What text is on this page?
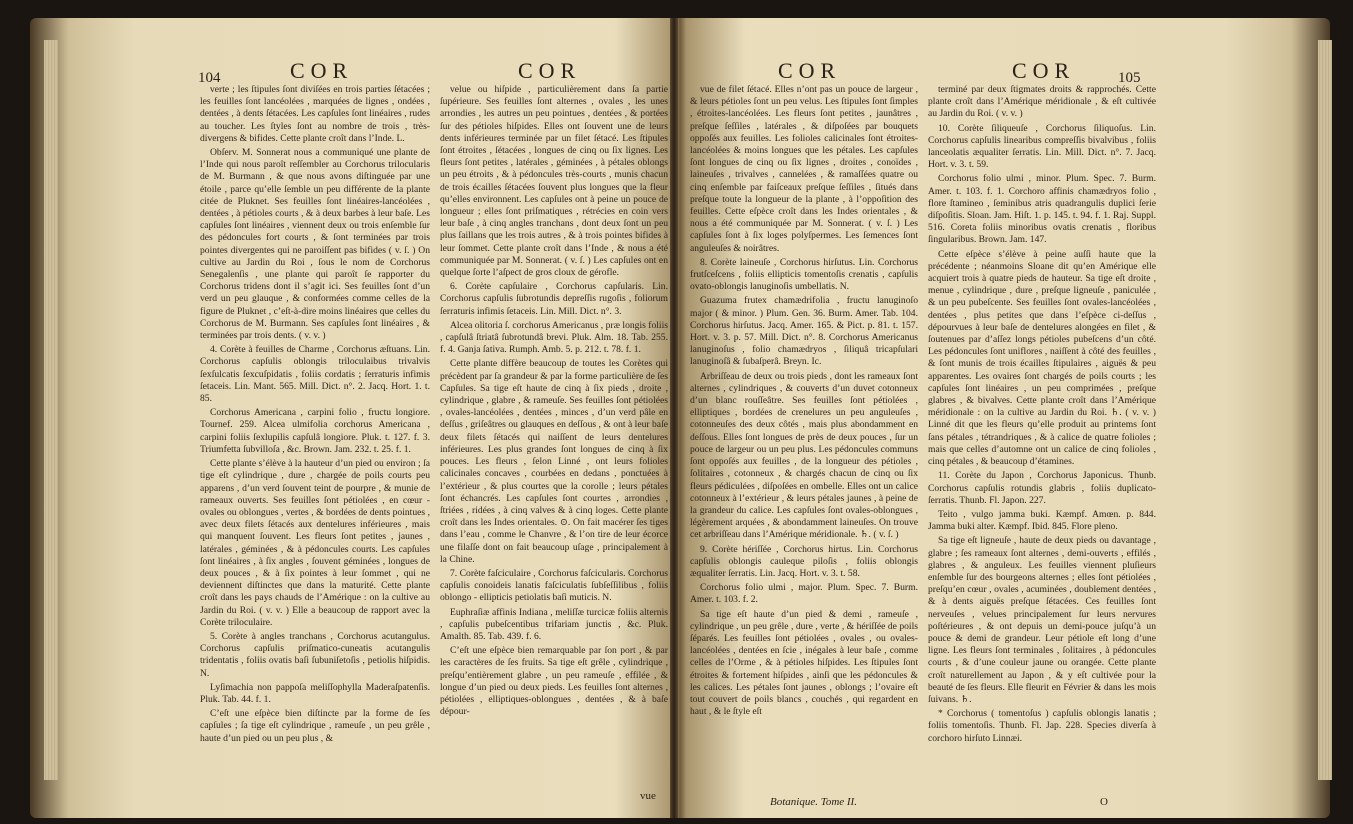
104	COR	COR

verte ; les ſtipules ſont diviſées en trois parties ſétacées ; les feuilles ſont lancéolées , marquées de lignes , ondées , dentées , à dents ſétacées. Les capſules ſont linéaires , rudes au toucher. Les ſtyles ſont au nombre de trois , très-divergens & bifides. Cette plante croît dans l’Inde. L.

Obſerv. M. Sonnerat nous a communiqué une plante de l’Inde qui nous paroît reſſembler au Corchorus trilocularis de M. Burmann , & que nous avons diſtinguée par une étoile , parce qu’elle ſemble un peu différente de la plante citée de Pluknet. Ses feuilles ſont linéaires-lancéolées , dentées , à pétioles courts , & à deux barbes à leur baſe. Les capſules ſont linéaires , viennent deux ou trois enſemble ſur des pédoncules fort courts , & ſont terminées par trois pointes divergentes qui ne paroiſſent pas bifides ( v. ſ. ) On cultive au Jardin du Roi , ſous le nom de Corchorus Senegalenſis , une plante qui paroît ſe rapporter du Corchorus tridens dont il s’agit ici. Ses feuilles ſont d’un verd un peu glauque , & conformées comme celles de la figure de Pluknet , c’eſt-à-dire moins linéaires que celles du Corchorus de M. Burmann. Ses capſules ſont linéaires , & terminées par trois dents. ( v. v. )

4. Corète à feuilles de Charme , Corchorus æſtuans. Lin. Corchorus capſulis oblongis triloculaibus trivalvis ſexſulcatis ſexcuſpidatis , foliis cordatis ; ſerraturis infimis ſetaceis. Lin. Mant. 565. Mill. Dict. n°. 2. Jacq. Hort. 1. t. 85.

Corchorus Americana , carpini folio , fructu longiore. Tournef. 259. Alcea ulmifolia corchorus Americana , carpini foliis ſexlupilis capſulâ longiore. Pluk. t. 127. f. 3. Triumfetta ſubvilloſa , &c. Brown. Jam. 232. t. 25. f. 1.

Cette plante s’élève à la hauteur d’un pied ou environ ; ſa tige eſt cylindrique , dure , chargée de poils courts peu apparens , d’un verd ſouvent teint de pourpre , & munie de rameaux ouverts. Ses feuilles ſont pétiolées , en cœur - ovales ou oblongues , vertes , & bordées de dents pointues , avec deux filets ſétacés aux dentelures inférieures , mais qui manquent ſouvent. Les fleurs ſont petites , jaunes , latérales , géminées , & à pédoncules courts. Les capſules ſont linéaires , à ſix angles , ſouvent géminées , longues de deux pouces , & à ſix pointes à leur ſommet , qui ne deviennent diſtinctes que dans la maturité. Cette plante croît dans les pays chauds de l’Amérique : on la cultive au Jardin du Roi. ( v. v. ) Elle a beaucoup de rapport avec la Corète triloculaire.

5. Corète à angles tranchans , Corchorus acutangulus. Corchorus capſulis priſmatico-cuneatis acutangulis tridentatis , foliis ovatis baſi ſubuniſetoſis , petiolis hiſpidis. N.

Lyſimachia non pappoſa meliſſophylla Maderaſpatenſis. Pluk. Tab. 44. f. 1.

C’eſt une eſpèce bien diſtincte par la forme de ſes capſules ; ſa tige eſt cylindrique , rameuſe , un peu grêle , haute d’un pied ou un peu plus , &

velue ou hiſpide , particulièrement dans ſa partie ſupérieure. Ses feuilles ſont alternes , ovales , les unes arrondies , les autres un peu pointues , dentées , & portées ſur des pétioles hiſpides. Elles ont ſouvent une de leurs dents inférieures terminée par un filet ſétacé. Les ſtipules ſont étroites , ſétacées , longues de cinq ou ſix lignes. Les fleurs ſont petites , latérales , géminées , à pétales oblongs un peu étroits , & à pédoncules très-courts , munis chacun de trois écailles ſétacées ſouvent plus longues que la fleur qu’elles environnent. Les capſules ont à peine un pouce de longueur ; elles ſont priſmatiques , rétrécies en coin vers leur baſe , à cinq angles tranchans , dont deux ſont un peu plus ſaillans que les trois autres , & à trois pointes bifides à leur ſommet. Cette plante croît dans l’Inde , & nous a été communiquée par M. Sonnerat. ( v. ſ. ) Les capſules ont en quelque ſorte l’aſpect de gros cloux de gérofle.

6. Corète capſulaire , Corchorus capſularis. Lin. Corchorus capſulis ſubrotundis depreſſis rugoſis , foliorum ſerraturis infimis ſetaceis. Lin. Mill. Dict. n°. 3.

Alcea olitoria ſ. corchorus Americanus , præ longis foliis , capſulâ ſtriatâ ſubrotundâ brevi. Pluk. Alm. 18. Tab. 255. f. 4. Ganja ſativa. Rumph. Amb. 5. p. 212. t. 78. f. 1.

Cette plante diffère beaucoup de toutes les Corètes qui précèdent par ſa grandeur & par la forme particulière de ſes Capſules. Sa tige eſt haute de cinq à ſix pieds , droite , cylindrique , glabre , & rameuſe. Ses feuilles ſont pétiolées , ovales-lancéolées , dentées , minces , d’un verd pâle en deſſus , griſeâtres ou glauques en deſſous , & ont à leur baſe deux filets ſétacés qui naiſſent de leurs dentelures inférieures. Les plus grandes ſont longues de cinq à ſix pouces. Les fleurs , ſelon Linné , ont leurs folioles calicinales concaves , courbées en dedans , ponctuées à l’extérieur , & plus courtes que la corolle ; leurs pétales ſont échancrés. Les capſules ſont courtes , arrondies , ſtriées , ridées , à cinq valves & à cinq loges. Cette plante croît dans les Indes orientales. ⊙. On fait macérer ſes tiges dans l’eau , comme le Chanvre , & l’on tire de leur écorce une filaſſe dont on fait beaucoup uſage , principalement à la Chine.

7. Corète faſciculaire , Corchorus faſcicularis. Corchorus capſulis conoideis lanatis faſciculatis ſubſeſſilibus , foliis oblongo - ellipticis petiolatis baſi muticis. N.

Euphraſiæ affinis Indiana , meliſſæ turcicæ foliis alternis , capſulis pubeſcentibus trifariam junctis , &c. Pluk. Amalth. 85. Tab. 439. f. 6.

C’eſt une eſpèce bien remarquable par ſon port , & par les caractères de ſes fruits. Sa tige eſt grêle , cylindrique , preſqu’entièrement glabre , un peu rameuſe , effilée , & longue d’un pied ou deux pieds. Les feuilles ſont alternes , pétiolées , elliptiques-oblongues , dentées , & à baſe dépour-

vue
COR	COR	105

vue de filet ſétacé. Elles n’ont pas un pouce de largeur , & leurs pétioles ſont un peu velus. Les ſtipules ſont ſimples , étroites-lancéolées. Les fleurs ſont petites , jaunâtres , preſque ſeſſiles , latérales , & diſpoſées par bouquets oppoſés aux feuilles. Les folioles calicinales ſont étroites-lancéolées & moins longues que les pétales. Les capſules ſont longues de cinq ou ſix lignes , droites , conoïdes , laineuſes , trivalves , cannelées , & ramaſſées quatre ou cinq enſemble par faiſceaux preſque ſeſſiles , ſitués dans preſque toute la longueur de la plante , à l’oppoſition des feuilles. Cette eſpèce croît dans les Indes orientales , & nous a été communiquée par M. Sonnerat. ( v. ſ. ) Les capſules ſont à ſix loges polyſpermes. Les ſemences ſont anguleuſes & noirâtres.

8. Corète laineuſe , Corchorus hirſutus. Lin. Corchorus frutſceſcens , foliis ellipticis tomentoſis crenatis , capſulis ovato-oblongis lanuginoſis umbellatis. N.

Guazuma frutex chamædrifolia , fructu lanuginoſo major ( & minor. ) Plum. Gen. 36. Burm. Amer. Tab. 104. Corchorus hirſutus. Jacq. Amer. 165. & Pict. p. 81. t. 157. Hort. v. 3. p. 57. Mill. Dict. n°. 8. Corchorus Americanus lanuginoſus , folio chamædryos , ſiliquâ tricapſulari lanuginoſâ & ſubaſperâ. Breyn. Ic.

Arbriſſeau de deux ou trois pieds , dont les rameaux ſont alternes , cylindriques , & couverts d’un duvet cotonneux d’un blanc rouſſeâtre. Ses feuilles ſont pétiolées , elliptiques , bordées de crenelures un peu anguleuſes , cotonneuſes des deux côtés , mais plus abondamment en deſſous. Elles ſont longues de près de deux pouces , ſur un pouce de largeur ou un peu plus. Les pédoncules communs ſont oppoſés aux feuilles , de la longueur des pétioles , ſolitaires , cotonneux , & chargés chacun de cinq ou ſix fleurs pédiculées , diſpoſées en ombelle. Elles ont un calice cotonneux à l’extérieur , & leurs pétales jaunes , à peine de la grandeur du calice. Les capſules ſont ovales-oblongues , légèrement arquées , & abondamment laineuſes. On trouve cet arbriſſeau dans l’Amérique méridionale. ♄. ( v. ſ. )

9. Corète hériſſée , Corchorus hirtus. Lin. Corchorus capſulis oblongis cauleque piloſis , foliis oblongis æqualiter ſerratis. Lin. Jacq. Hort. v. 3. t. 58.

Corchorus folio ulmi , major. Plum. Spec. 7. Burm. Amer. t. 103. f. 2.

Sa tige eſt haute d’un pied & demi , rameuſe , cylindrique , un peu grêle , dure , verte , & hériſſée de poils ſéparés. Les feuilles ſont pétiolées , ovales , ou ovales-lancéolées , dentées en ſcie , inégales à leur baſe , comme celles de l’Orme , & à pétioles hiſpides. Les ſtipules ſont étroites & fortement hiſpides , ainſi que les pédoncules & les calices. Les pétales ſont jaunes , oblongs ; l’ovaire eſt tout couvert de poils blancs , couchés , qui regardent en haut , & le ſtyle eſt

terminé par deux ſtigmates droits & rapprochés. Cette plante croît dans l’Amérique méridionale , & eſt cultivée au Jardin du Roi. ( v. v. )

10. Corète ſiliqueuſe , Corchorus ſiliquoſus. Lin. Corchorus capſulis linearibus compreſſis bivalvibus , foliis lanceolatis æqualiter ſerratis. Lin. Mill. Dict. n°. 7. Jacq. Hort. v. 3. t. 59.

Corchorus folio ulmi , minor. Plum. Spec. 7. Burm. Amer. t. 103. f. 1. Corchoro affinis chamædryos folio , flore ſtamineo , ſeminibus atris quadrangulis duplici ſerie diſpoſitis. Sloan. Jam. Hiſt. 1. p. 145. t. 94. f. 1. Raj. Suppl. 516. Coreta foliis minoribus ovatis crenatis , floribus ſingularibus. Brown. Jam. 147.

Cette eſpèce s’élève à peine auſſi haute que la précédente ; néanmoins Sloane dit qu’en Amérique elle acquiert trois à quatre pieds de hauteur. Sa tige eſt droite , menue , cylindrique , dure , preſque ligneuſe , paniculée , & un peu pubeſcente. Ses feuilles ſont ovales-lancéolées , dentées , plus petites que dans l’eſpèce ci-deſſus , dépourvues à leur baſe de dentelures alongées en filet , & ſoutenues par d’aſſez longs pétioles pubeſcens d’un côté. Les pédoncules ſont uniflores , naiſſent à côté des feuilles , & ſont munis de trois écailles ſtipulaires , aiguës & peu apparentes. Les ovaires ſont chargés de poils courts ; les capſules ſont linéaires , un peu comprimées , preſque glabres , & bivalves. Cette plante croît dans l’Amérique méridionale : on la cultive au Jardin du Roi. ♄. ( v. v. ) Linné dit que les fleurs qu’elle produit au printems ſont ſans pétales , tétrandriques , & à calice de quatre folioles ; mais que celles d’automne ont un calice de cinq folioles , cinq pétales , & beaucoup d’étamines.

11. Corète du Japon , Corchorus Japonicus. Thunb. Corchorus capſulis rotundis glabris , foliis duplicato-ſerratis. Thunb. Fl. Japon. 227.

Teito , vulgo jamma buki. Kæmpf. Amœn. p. 844. Jamma buki alter. Kæmpf. Ibid. 845. Flore pleno.

Sa tige eſt ligneuſe , haute de deux pieds ou davantage , glabre ; ſes rameaux ſont alternes , demi-ouverts , effilés , glabres , & anguleux. Les feuilles viennent pluſieurs enſemble ſur des bourgeons alternes ; elles ſont pétiolées , preſqu’en cœur , ovales , acuminées , doublement dentées , & à dents aiguës preſque ſétacées. Ces feuilles ſont nerveuſes , velues principalement ſur leurs nervures poſtérieures , & ont depuis un demi-pouce juſqu’à un pouce & demi de grandeur. Leur pétiole eſt long d’une ligne. Les fleurs ſont terminales , ſolitaires , à pédoncules courts , & d’une couleur jaune ou orangée. Cette plante croît naturellement au Japon , & y eſt cultivée pour la beauté de ſes fleurs. Elle fleurit en Février & dans les mois ſuivans. ♄.

* Corchorus ( tomentoſus ) capſulis oblongis lanatis ; foliis tomentoſis. Thunb. Fl. Jap. 228. Species diverſa à corchoro hirſuto Linnæi.

Botanique. Tome II.	O
